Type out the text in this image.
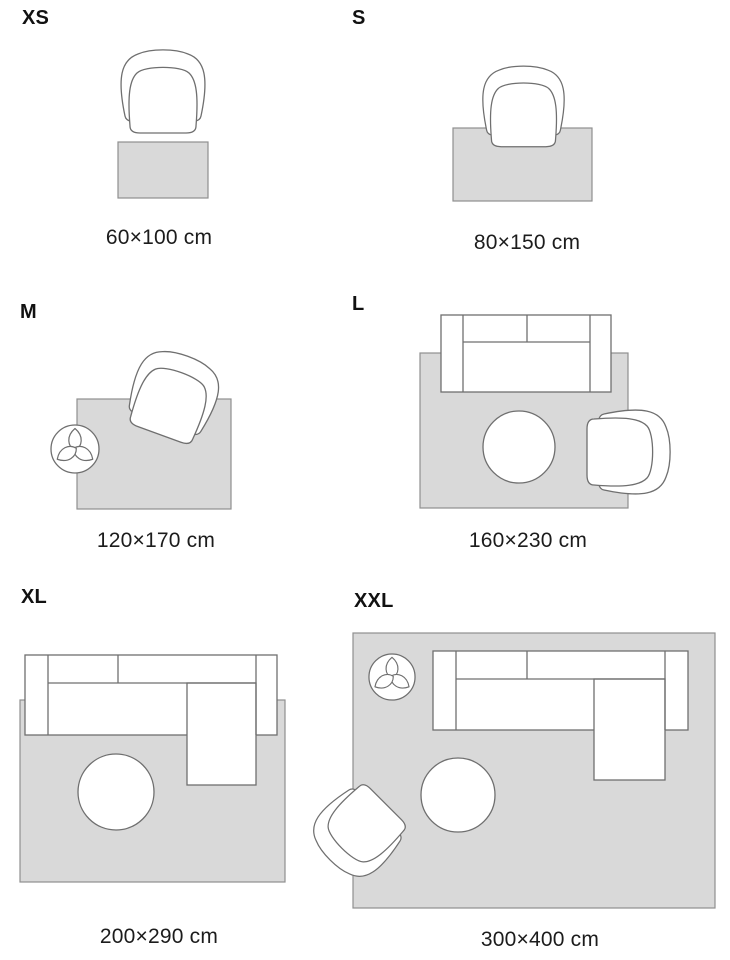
XS	S
M	L
XL	XXL
60×100 cm	80×150 cm
120×170 cm	160×230 cm
200×290 cm	300×400 cm
